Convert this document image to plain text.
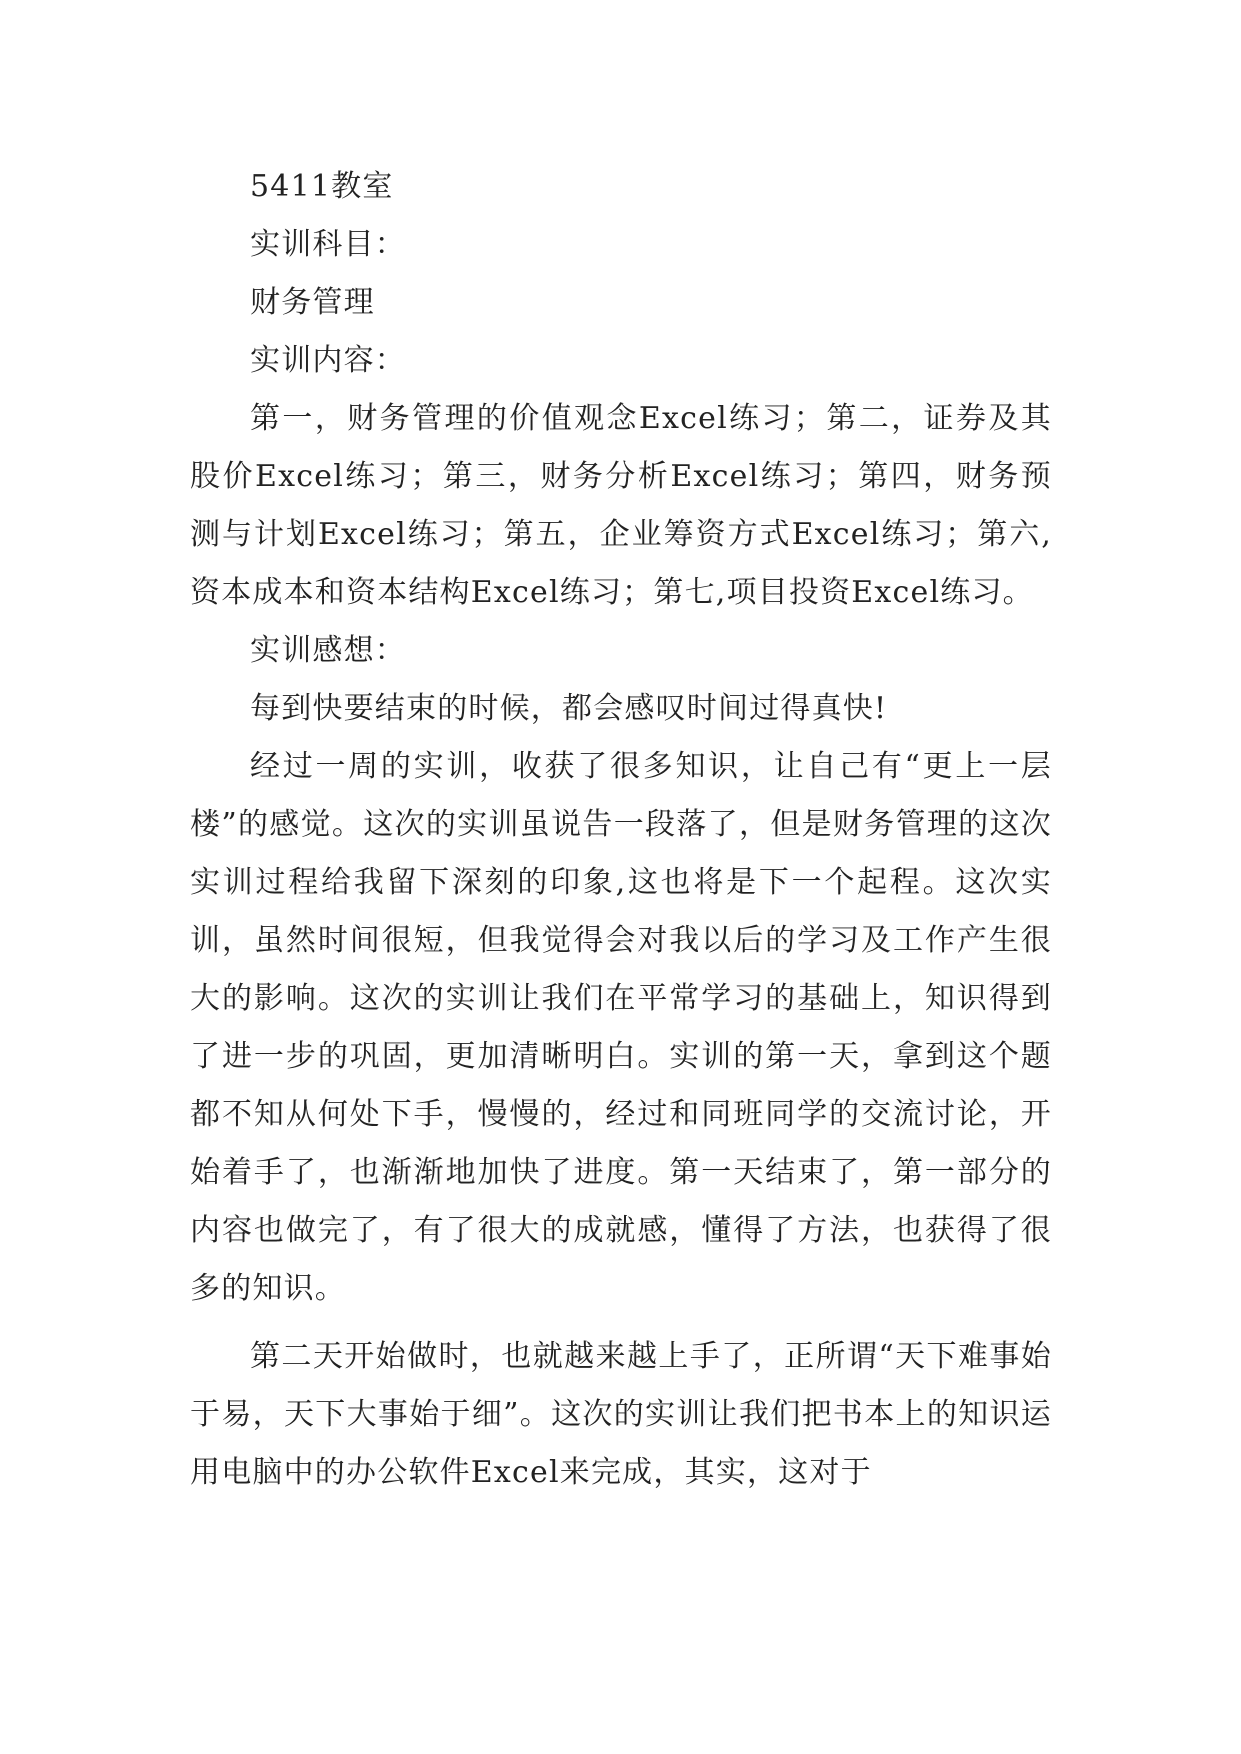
5411教室

实训科目：

财务管理

实训内容：

第一，财务管理的价值观念Excel练习；第二，证券及其股价Excel练习；第三，财务分析Excel练习；第四，财务预测与计划Excel练习；第五，企业筹资方式Excel练习；第六,资本成本和资本结构Excel练习；第七,项目投资Excel练习。

实训感想：

每到快要结束的时候，都会感叹时间过得真快!

经过一周的实训，收获了很多知识，让自己有“更上一层楼”的感觉。这次的实训虽说告一段落了，但是财务管理的这次实训过程给我留下深刻的印象,这也将是下一个起程。这次实训，虽然时间很短，但我觉得会对我以后的学习及工作产生很大的影响。这次的实训让我们在平常学习的基础上，知识得到了进一步的巩固，更加清晰明白。实训的第一天，拿到这个题都不知从何处下手，慢慢的，经过和同班同学的交流讨论，开始着手了，也渐渐地加快了进度。第一天结束了，第一部分的内容也做完了，有了很大的成就感，懂得了方法，也获得了很多的知识。

第二天开始做时，也就越来越上手了，正所谓“天下难事始于易，天下大事始于细”。这次的实训让我们把书本上的知识运用电脑中的办公软件Excel来完成，其实，这对于
